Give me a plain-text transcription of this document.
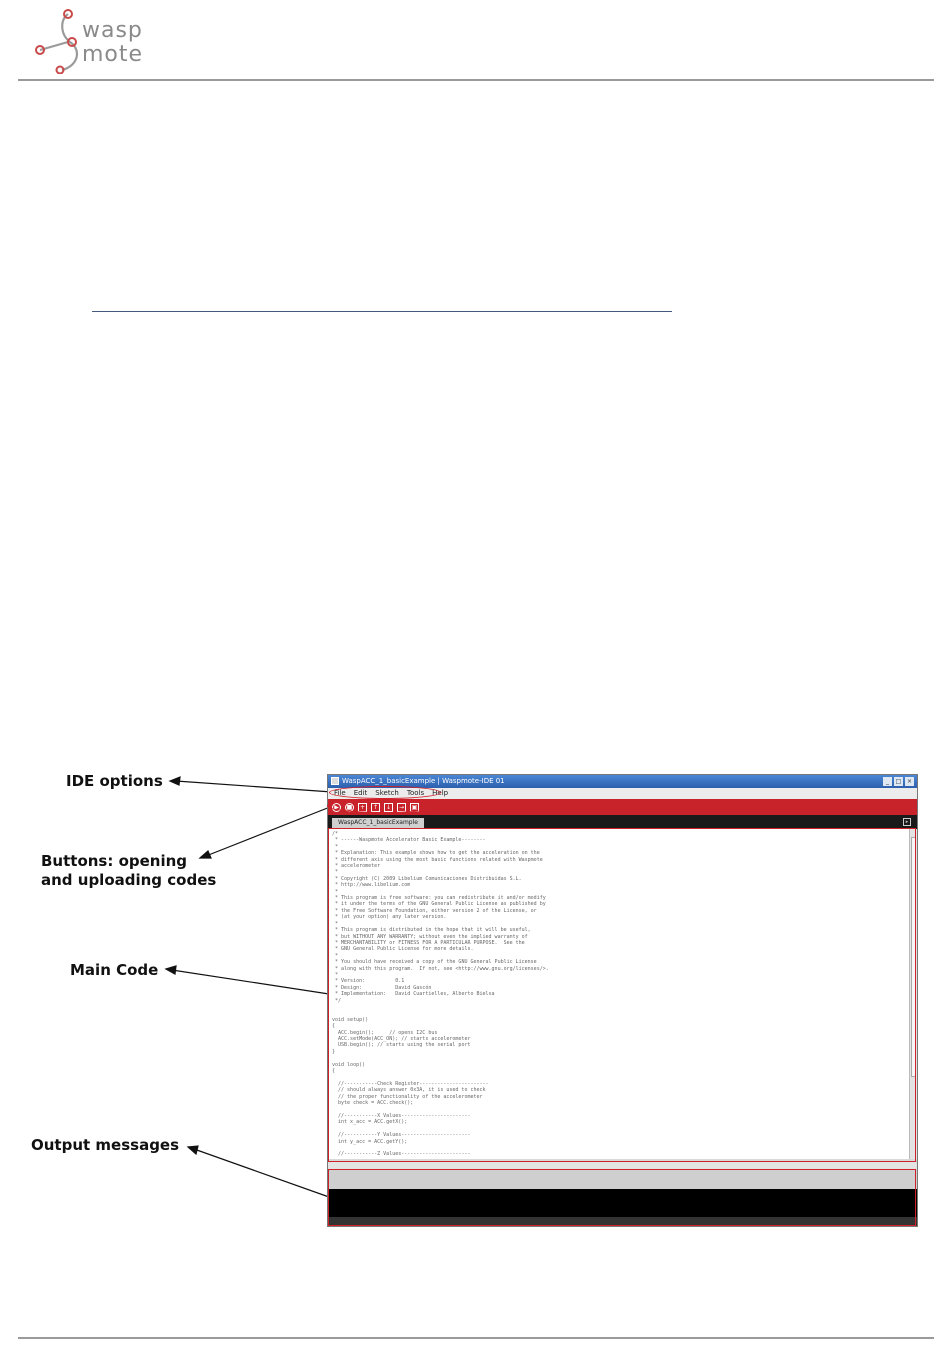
wasp
mote
IDE options
Buttons: opening
and uploading codes
Main Code
Output messages
WaspACC_1_basicExample | Waspmote-IDE 01	_	□ ×
File Edit Sketch Tools Help
▶	■	+	↑	↓	→	▣
WaspACC_1_basicExample	▸
/*
* ------Waspmote Accelerator Basic Example--------
*
* Explanation: This example shows how to get the acceleration on the
* different axis using the most basic functions related with Waspmote
* accelerometer
*
* Copyright (C) 2009 Libelium Comunicaciones Distribuidas S.L.
* http://www.libelium.com
*
* This program is free software: you can redistribute it and/or modify
* it under the terms of the GNU General Public License as published by
* the Free Software Foundation, either version 2 of the License, or
* (at your option) any later version.
*
* This program is distributed in the hope that it will be useful,
* but WITHOUT ANY WARRANTY; without even the implied warranty of
* MERCHANTABILITY or FITNESS FOR A PARTICULAR PURPOSE.  See the
* GNU General Public License for more details.
*
* You should have received a copy of the GNU General Public License
* along with this program.  If not, see <http://www.gnu.org/licenses/>.
*
* Version:          0.1
* Design:           David Gascón
* Implementation:   David Cuartielles, Alberto Bielsa
*/

void setup()
{
ACC.begin();     // opens I2C bus
ACC.setMode(ACC_ON); // starts accelerometer
USB.begin(); // starts using the serial port
}

void loop()
{

//-----------Check Register-----------------------
// should always answer 0x3A, it is used to check
// the proper functionality of the accelerometer
byte check = ACC.check();

//-----------X Values-----------------------
int x_acc = ACC.getX();

//-----------Y Values-----------------------
int y_acc = ACC.getY();

//-----------Z Values-----------------------
